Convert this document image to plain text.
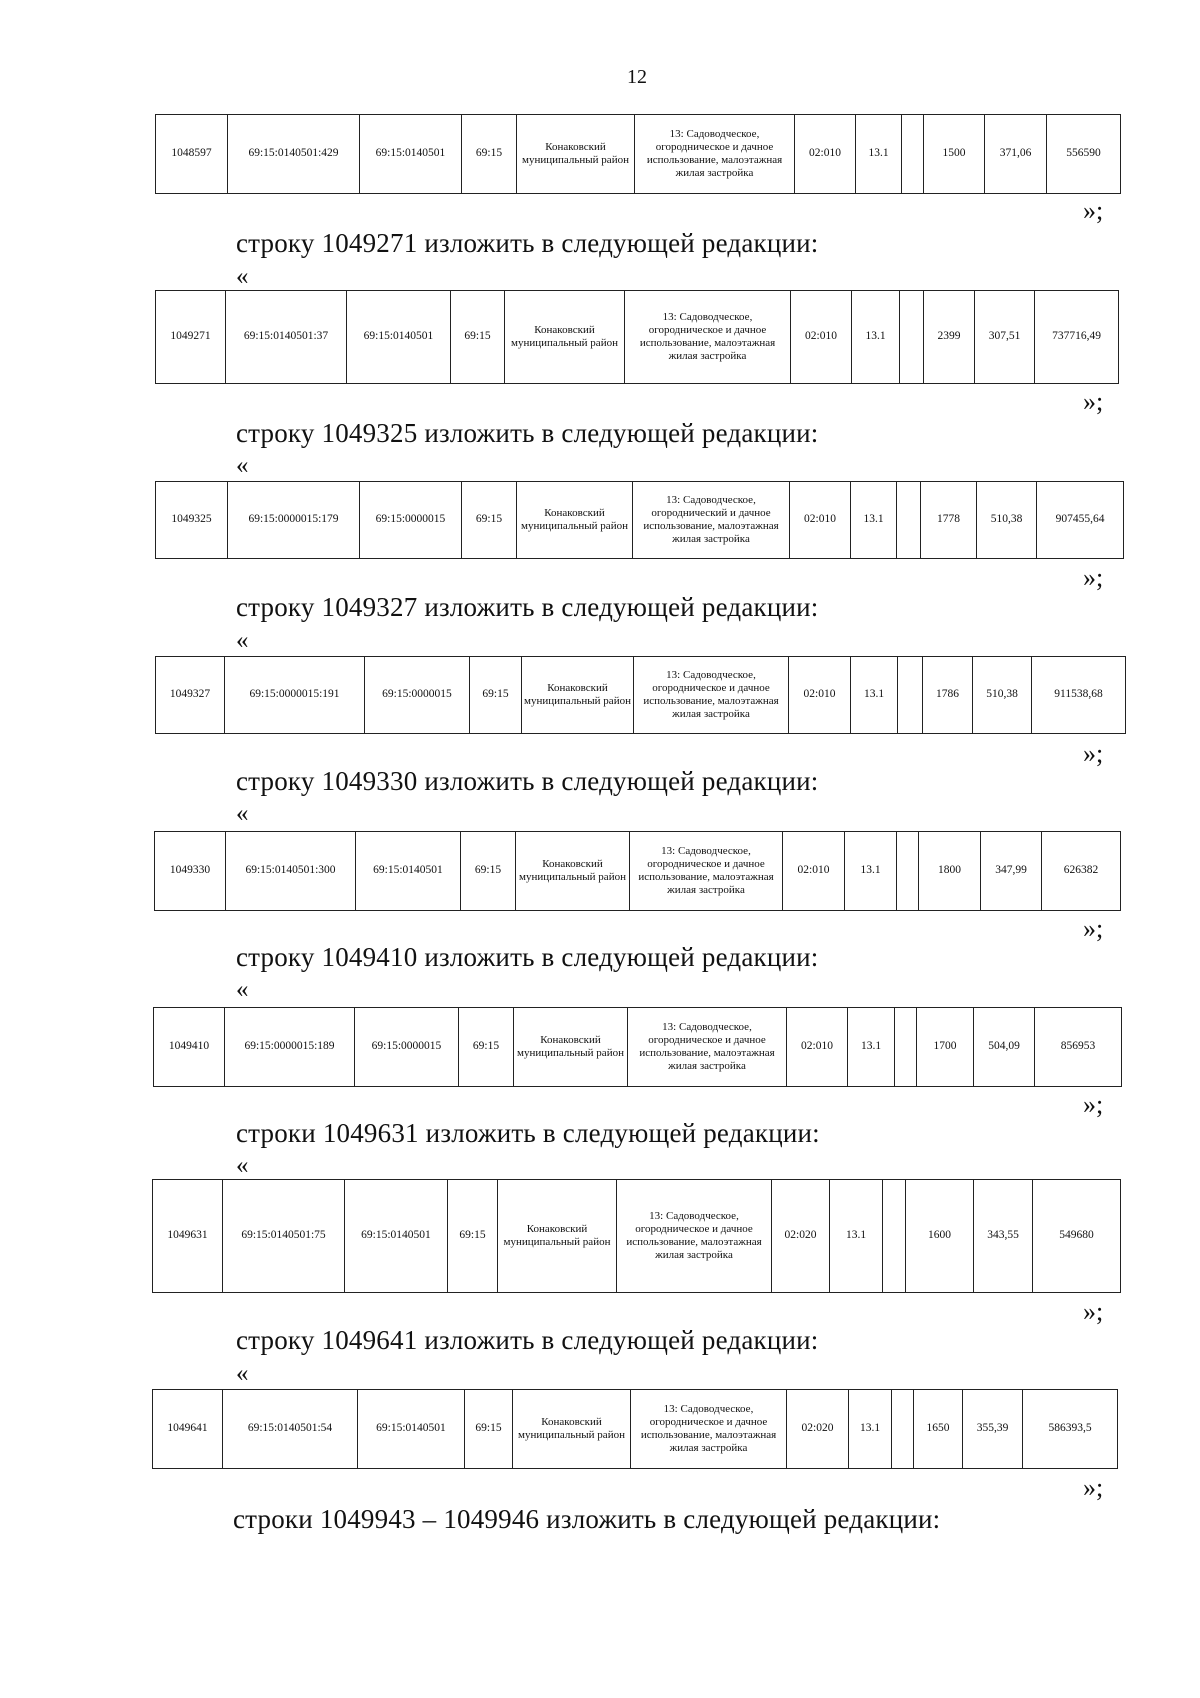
12
1048597	69:15:0140501:429	69:15:0140501	69:15	Конаковский муниципальный район	13: Садоводческое, огородническое и дачное использование, малоэтажная жилая застройка	02:010	13.1		1500	371,06	556590
»;
строку 1049271 изложить в следующей редакции:
«
1049271	69:15:0140501:37	69:15:0140501	69:15	Конаковский муниципальный район	13: Садоводческое, огородническое и дачное использование, малоэтажная жилая застройка	02:010	13.1		2399	307,51	737716,49
»;
строку 1049325 изложить в следующей редакции:
«
1049325	69:15:0000015:179	69:15:0000015	69:15	Конаковский муниципальный район	13: Садоводческое, огороднический и дачное использование, малоэтажная жилая застройка	02:010	13.1		1778	510,38	907455,64
»;
строку 1049327 изложить в следующей редакции:
«
1049327	69:15:0000015:191	69:15:0000015	69:15	Конаковский муниципальный район	13: Садоводческое, огородническое и дачное использование, малоэтажная жилая застройка	02:010	13.1		1786	510,38	911538,68
»;
строку 1049330 изложить в следующей редакции:
«
1049330	69:15:0140501:300	69:15:0140501	69:15	Конаковский муниципальный район	13: Садоводческое, огородническое и дачное использование, малоэтажная жилая застройка	02:010	13.1		1800	347,99	626382
»;
строку 1049410 изложить в следующей редакции:
«
1049410	69:15:0000015:189	69:15:0000015	69:15	Конаковский муниципальный район	13: Садоводческое, огородническое и дачное использование, малоэтажная жилая застройка	02:010	13.1		1700	504,09	856953
»;
строки 1049631 изложить в следующей редакции:
«
1049631	69:15:0140501:75	69:15:0140501	69:15	Конаковский муниципальный район	13: Садоводческое, огородническое и дачное использование, малоэтажная жилая застройка	02:020	13.1		1600	343,55	549680
»;
строку 1049641 изложить в следующей редакции:
«
1049641	69:15:0140501:54	69:15:0140501	69:15	Конаковский муниципальный район	13: Садоводческое, огородническое и дачное использование, малоэтажная жилая застройка	02:020	13.1		1650	355,39	586393,5
»;
строки 1049943 – 1049946 изложить в следующей редакции:
